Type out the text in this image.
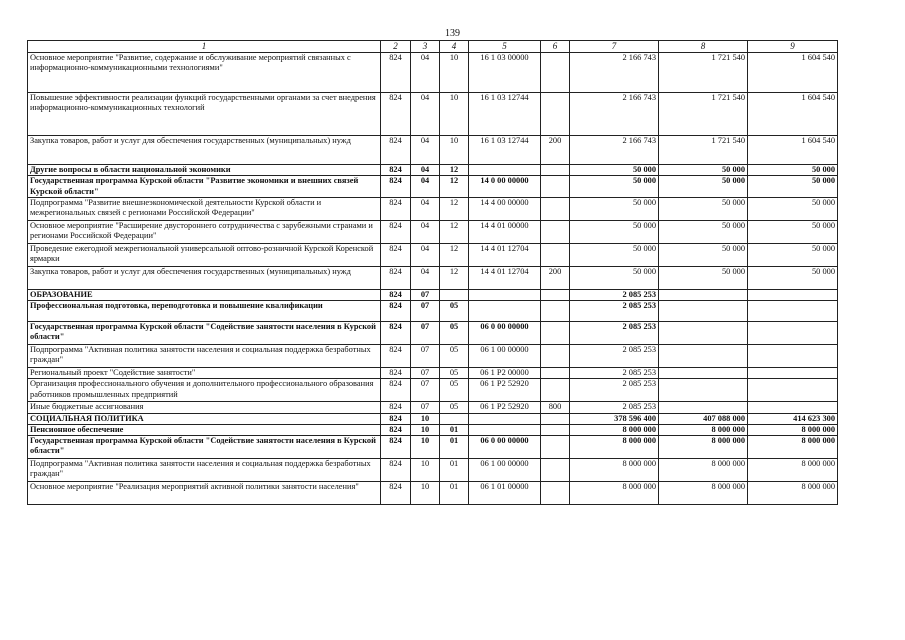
139
1	2	3	4	5	6	7	8	9
Основное мероприятие "Развитие, содержание и обслуживание мероприятий связанных с информационно-коммуникационными технологиями"	824	04	10	16 1 03 00000		2 166 743	1 721 540	1 604 540
Повышение эффективности реализации функций государственными органами за счет внедрения информационно-коммуникационных технологий	824	04	10	16 1 03 12744		2 166 743	1 721 540	1 604 540
Закупка товаров, работ и услуг для обеспечения государственных (муниципальных) нужд	824	04	10	16 1 03 12744	200	2 166 743	1 721 540	1 604 540
Другие вопросы в области национальной экономики	824	04	12			50 000	50 000	50 000
Государственная программа Курской области "Развитие экономики и внешних связей Курской области"	824	04	12	14 0 00 00000		50 000	50 000	50 000
Подпрограмма "Развитие внешнеэкономической деятельности Курской области и межрегиональных связей с регионами Российской Федерации"	824	04	12	14 4 00 00000		50 000	50 000	50 000
Основное мероприятие "Расширение двустороннего сотрудничества с зарубежными странами и регионами Российской Федерации"	824	04	12	14 4 01 00000		50 000	50 000	50 000
Проведение ежегодной межрегиональной универсальной оптово-розничной Курской Коренской ярмарки	824	04	12	14 4 01 12704		50 000	50 000	50 000
Закупка товаров, работ и услуг для обеспечения государственных (муниципальных) нужд	824	04	12	14 4 01 12704	200	50 000	50 000	50 000
ОБРАЗОВАНИЕ	824	07				2 085 253		
Профессиональная подготовка, переподготовка и повышение квалификации	824	07	05			2 085 253		
Государственная программа Курской области "Содействие занятости населения в Курской области"	824	07	05	06 0 00 00000		2 085 253		
Подпрограмма "Активная политика занятости населения и социальная поддержка безработных граждан"	824	07	05	06 1 00 00000		2 085 253		
Региональный проект "Содействие занятости"	824	07	05	06 1 P2 00000		2 085 253		
Организация профессионального обучения и дополнительного профессионального образования работников промышленных предприятий	824	07	05	06 1 P2 52920		2 085 253		
Иные бюджетные ассигнования	824	07	05	06 1 P2 52920	800	2 085 253		
СОЦИАЛЬНАЯ ПОЛИТИКА	824	10				378 596 400	407 088 000	414 623 300
Пенсионное обеспечение	824	10	01			8 000 000	8 000 000	8 000 000
Государственная программа Курской области "Содействие занятости населения в Курской области"	824	10	01	06 0 00 00000		8 000 000	8 000 000	8 000 000
Подпрограмма "Активная политика занятости населения и социальная поддержка безработных граждан"	824	10	01	06 1 00 00000		8 000 000	8 000 000	8 000 000
Основное мероприятие "Реализация мероприятий активной политики занятости населения"	824	10	01	06 1 01 00000		8 000 000	8 000 000	8 000 000
